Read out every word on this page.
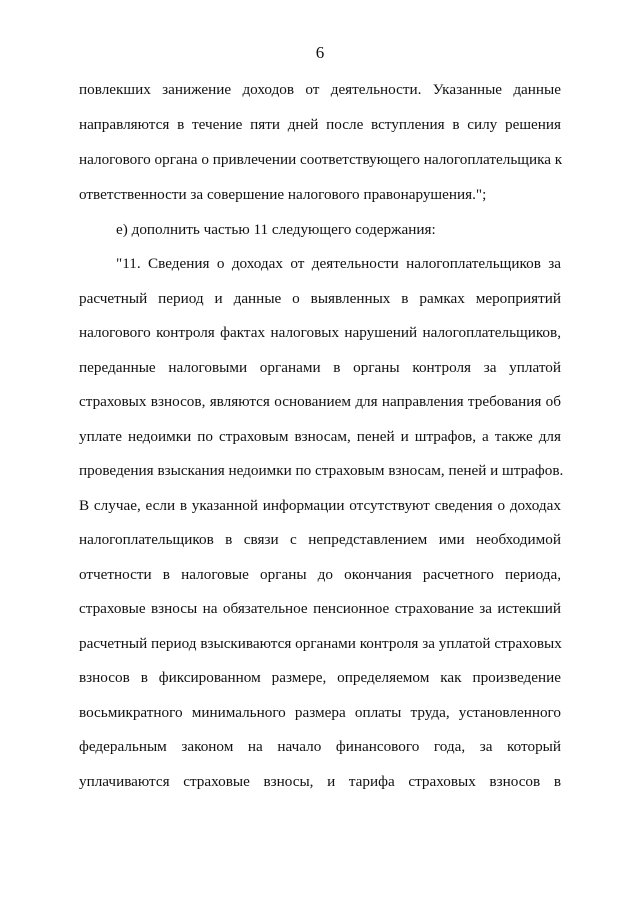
6
повлекших занижение доходов от деятельности. Указанные данные
направляются в течение пяти дней после вступления в силу решения
налогового органа о привлечении соответствующего налогоплательщика к
ответственности за совершение налогового правонарушения.";
е) дополнить частью 11 следующего содержания:
"11. Сведения о доходах от деятельности налогоплательщиков за
расчетный период и данные о выявленных в рамках мероприятий
налогового контроля фактах налоговых нарушений налогоплательщиков,
переданные налоговыми органами в органы контроля за уплатой
страховых взносов, являются основанием для направления требования об
уплате недоимки по страховым взносам, пеней и штрафов, а также для
проведения взыскания недоимки по страховым взносам, пеней и штрафов.
В случае, если в указанной информации отсутствуют сведения о доходах
налогоплательщиков в связи с непредставлением ими необходимой
отчетности в налоговые органы до окончания расчетного периода,
страховые взносы на обязательное пенсионное страхование за истекший
расчетный период взыскиваются органами контроля за уплатой страховых
взносов в фиксированном размере, определяемом как произведение
восьмикратного минимального размера оплаты труда, установленного
федеральным законом на начало финансового года, за который
уплачиваются страховые взносы, и тарифа страховых взносов в
